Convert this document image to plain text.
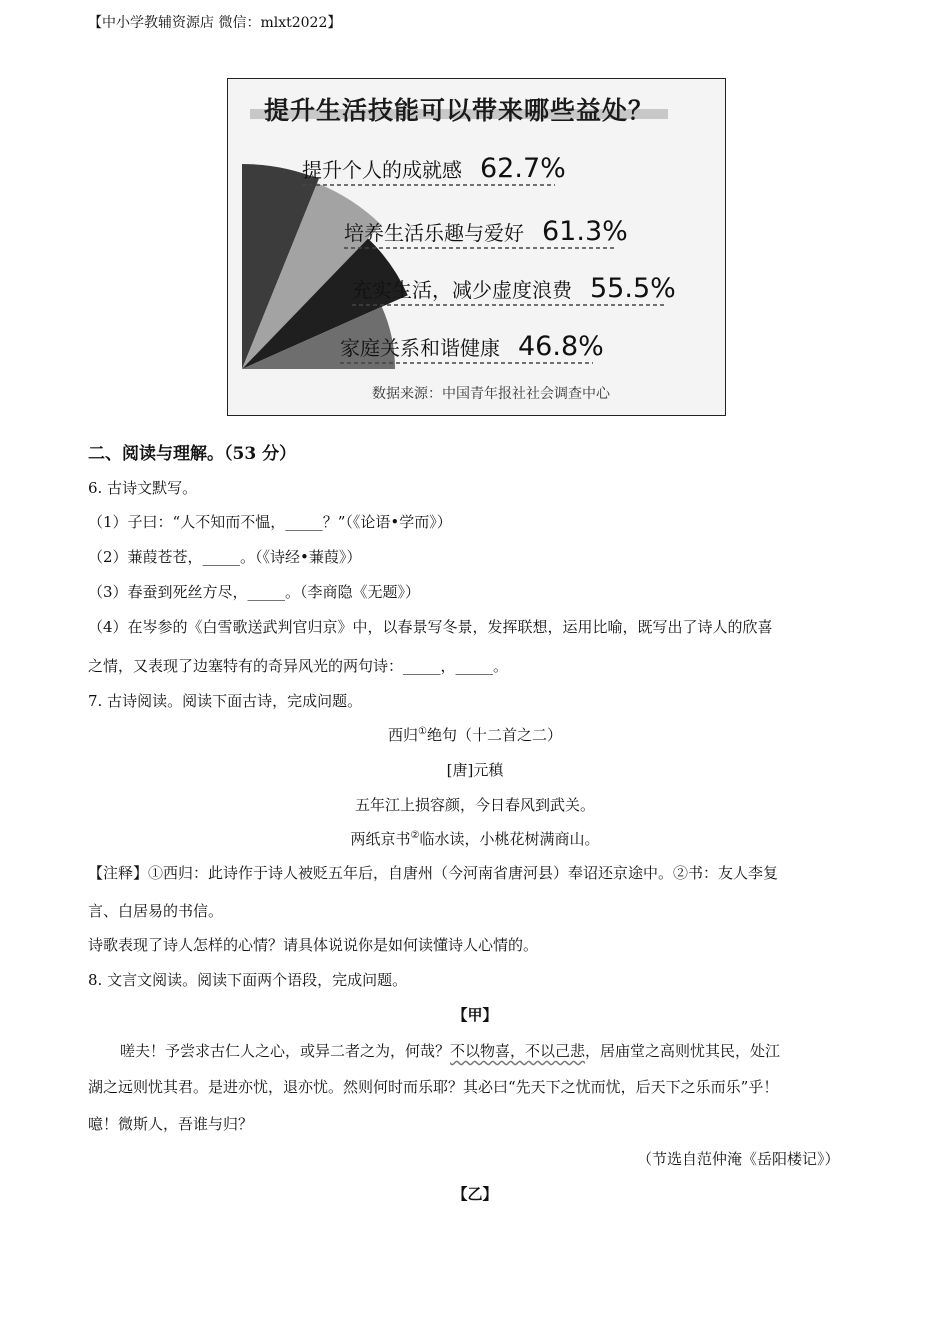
【中小学教辅资源店 微信：mlxt2022】
提升生活技能可以带来哪些益处？
提升个人的成就感 62.7%
培养生活乐趣与爱好 61.3%
充实生活，减少虚度浪费 55.5%
家庭关系和谐健康 46.8%
数据来源：中国青年报社社会调查中心
二、阅读与理解。（53 分）
6. 古诗文默写。
（1）子曰：“人不知而不愠，_____？”（《论语•学而》）
（2）蒹葭苍苍，_____。（《诗经•蒹葭》）
（3）春蚕到死丝方尽，_____。（李商隐《无题》）
（4）在岑参的《白雪歌送武判官归京》中，以春景写冬景，发挥联想，运用比喻，既写出了诗人的欣喜
之情，又表现了边塞特有的奇异风光的两句诗：_____，_____。
7. 古诗阅读。阅读下面古诗，完成问题。
西归①绝句（十二首之二）
[唐]元稹
五年江上损容颜，今日春风到武关。
两纸京书②临水读，小桃花树满商山。
【注释】①西归：此诗作于诗人被贬五年后，自唐州（今河南省唐河县）奉诏还京途中。②书：友人李复
言、白居易的书信。
诗歌表现了诗人怎样的心情？请具体说说你是如何读懂诗人心情的。
8. 文言文阅读。阅读下面两个语段，完成问题。
【甲】
嗟夫！予尝求古仁人之心，或异二者之为，何哉？不以物喜，不以己悲，居庙堂之高则忧其民，处江
湖之远则忧其君。是进亦忧，退亦忧。然则何时而乐耶？其必曰“先天下之忧而忧，后天下之乐而乐”乎！
噫！微斯人，吾谁与归？
（节选自范仲淹《岳阳楼记》）
【乙】
